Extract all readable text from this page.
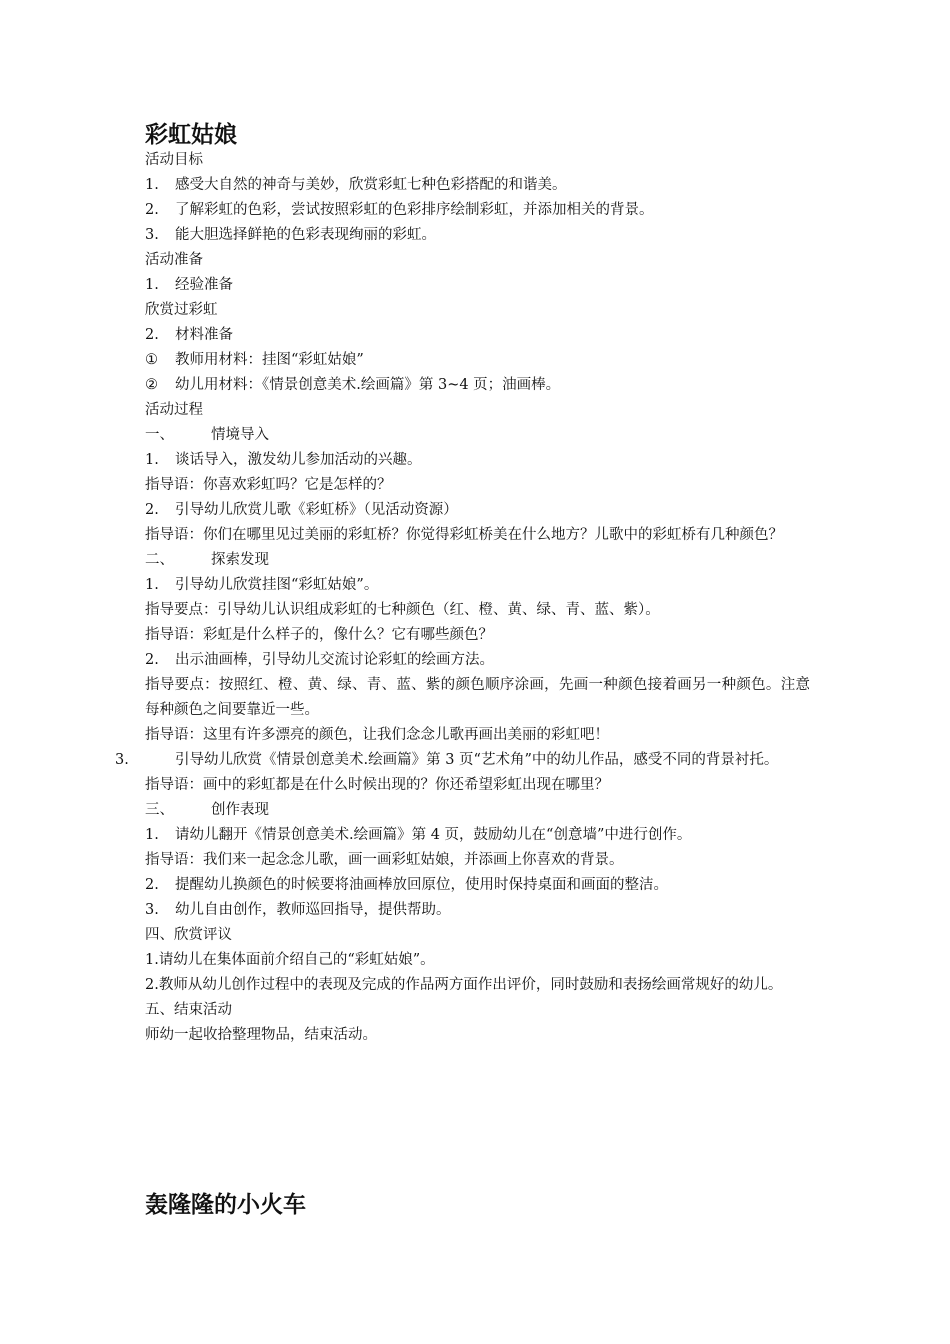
彩虹姑娘

活动目标

1. 感受大自然的神奇与美妙，欣赏彩虹七种色彩搭配的和谐美。

2. 了解彩虹的色彩，尝试按照彩虹的色彩排序绘制彩虹，并添加相关的背景。

3. 能大胆选择鲜艳的色彩表现绚丽的彩虹。

活动准备

1. 经验准备

欣赏过彩虹

2. 材料准备

① 教师用材料：挂图“彩虹姑娘”

② 幼儿用材料：《情景创意美术.绘画篇》第 3~4 页；油画棒。

活动过程

一、	情境导入

1. 谈话导入，激发幼儿参加活动的兴趣。

指导语：你喜欢彩虹吗？它是怎样的？

2. 引导幼儿欣赏儿歌《彩虹桥》（见活动资源）

指导语：你们在哪里见过美丽的彩虹桥？你觉得彩虹桥美在什么地方？儿歌中的彩虹桥有几种颜色？

二、	探索发现

1. 引导幼儿欣赏挂图“彩虹姑娘”。

指导要点：引导幼儿认识组成彩虹的七种颜色（红、橙、黄、绿、青、蓝、紫）。

指导语：彩虹是什么样子的，像什么？它有哪些颜色？

2. 出示油画棒，引导幼儿交流讨论彩虹的绘画方法。

指导要点：按照红、橙、黄、绿、青、蓝、紫的颜色顺序涂画，先画一种颜色接着画另一种颜色。注意每种颜色之间要靠近一些。

指导语：这里有许多漂亮的颜色，让我们念念儿歌再画出美丽的彩虹吧！

3.	引导幼儿欣赏《情景创意美术.绘画篇》第 3 页“艺术角”中的幼儿作品，感受不同的背景衬托。

指导语：画中的彩虹都是在什么时候出现的？你还希望彩虹出现在哪里？

三、	创作表现

1. 请幼儿翻开《情景创意美术.绘画篇》第 4 页，鼓励幼儿在“创意墙”中进行创作。

指导语：我们来一起念念儿歌，画一画彩虹姑娘，并添画上你喜欢的背景。

2. 提醒幼儿换颜色的时候要将油画棒放回原位，使用时保持桌面和画面的整洁。

3. 幼儿自由创作，教师巡回指导，提供帮助。

四、欣赏评议

1.请幼儿在集体面前介绍自己的“彩虹姑娘”。

2.教师从幼儿创作过程中的表现及完成的作品两方面作出评价，同时鼓励和表扬绘画常规好的幼儿。

五、结束活动

师幼一起收拾整理物品，结束活动。

轰隆隆的小火车
